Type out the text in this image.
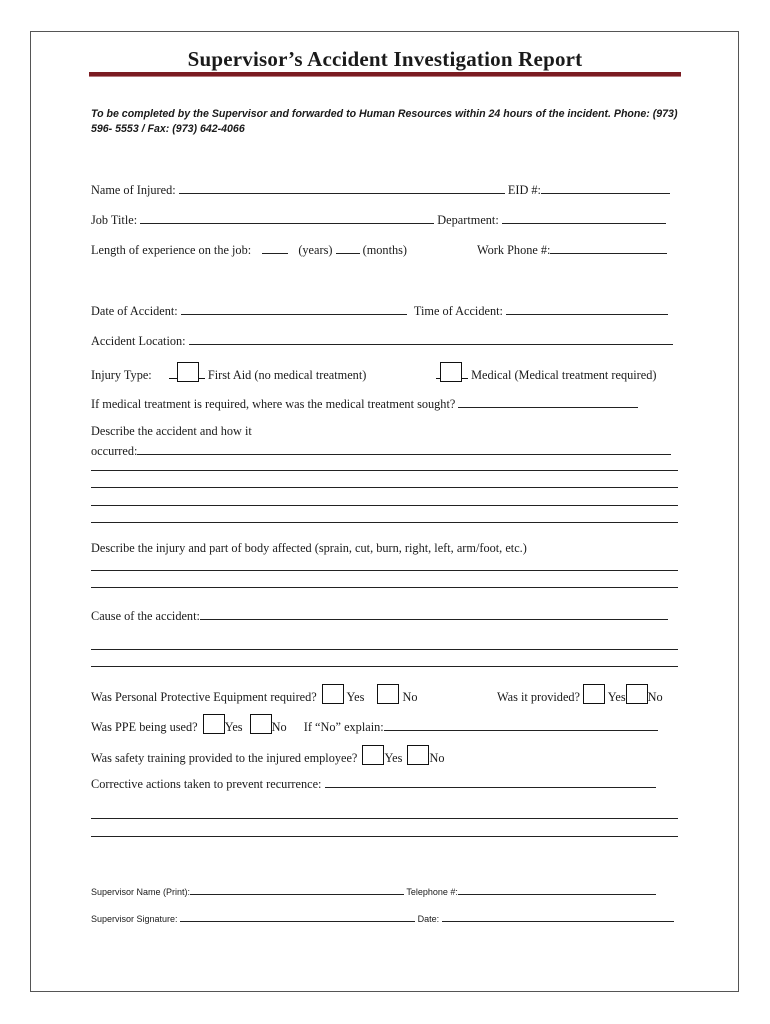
Supervisor’s Accident Investigation Report
To be completed by the Supervisor and forwarded to Human Resources within 24 hours of the incident. Phone: (973) 596- 5553 / Fax: (973) 642-4066
Name of Injured:	EID #:
Job Title:	Department:
Length of experience on the job:	(years) (months)	Work Phone #:
Date of Accident:	Time of Accident:
Accident Location:
Injury Type:	First Aid (no medical treatment)	Medical (Medical treatment required)
If medical treatment is required, where was the medical treatment sought?
Describe the accident and how it
occurred:
Describe the injury and part of body affected (sprain, cut, burn, right, left, arm/foot, etc.)
Cause of the accident:
Was Personal Protective Equipment required? Yes	No	Was it provided? Yes No
Was PPE being used? Yes No If “No” explain:
Was safety training provided to the injured employee? Yes No
Corrective actions taken to prevent recurrence:
Supervisor Name (Print):	Telephone #:
Supervisor Signature:	Date:
